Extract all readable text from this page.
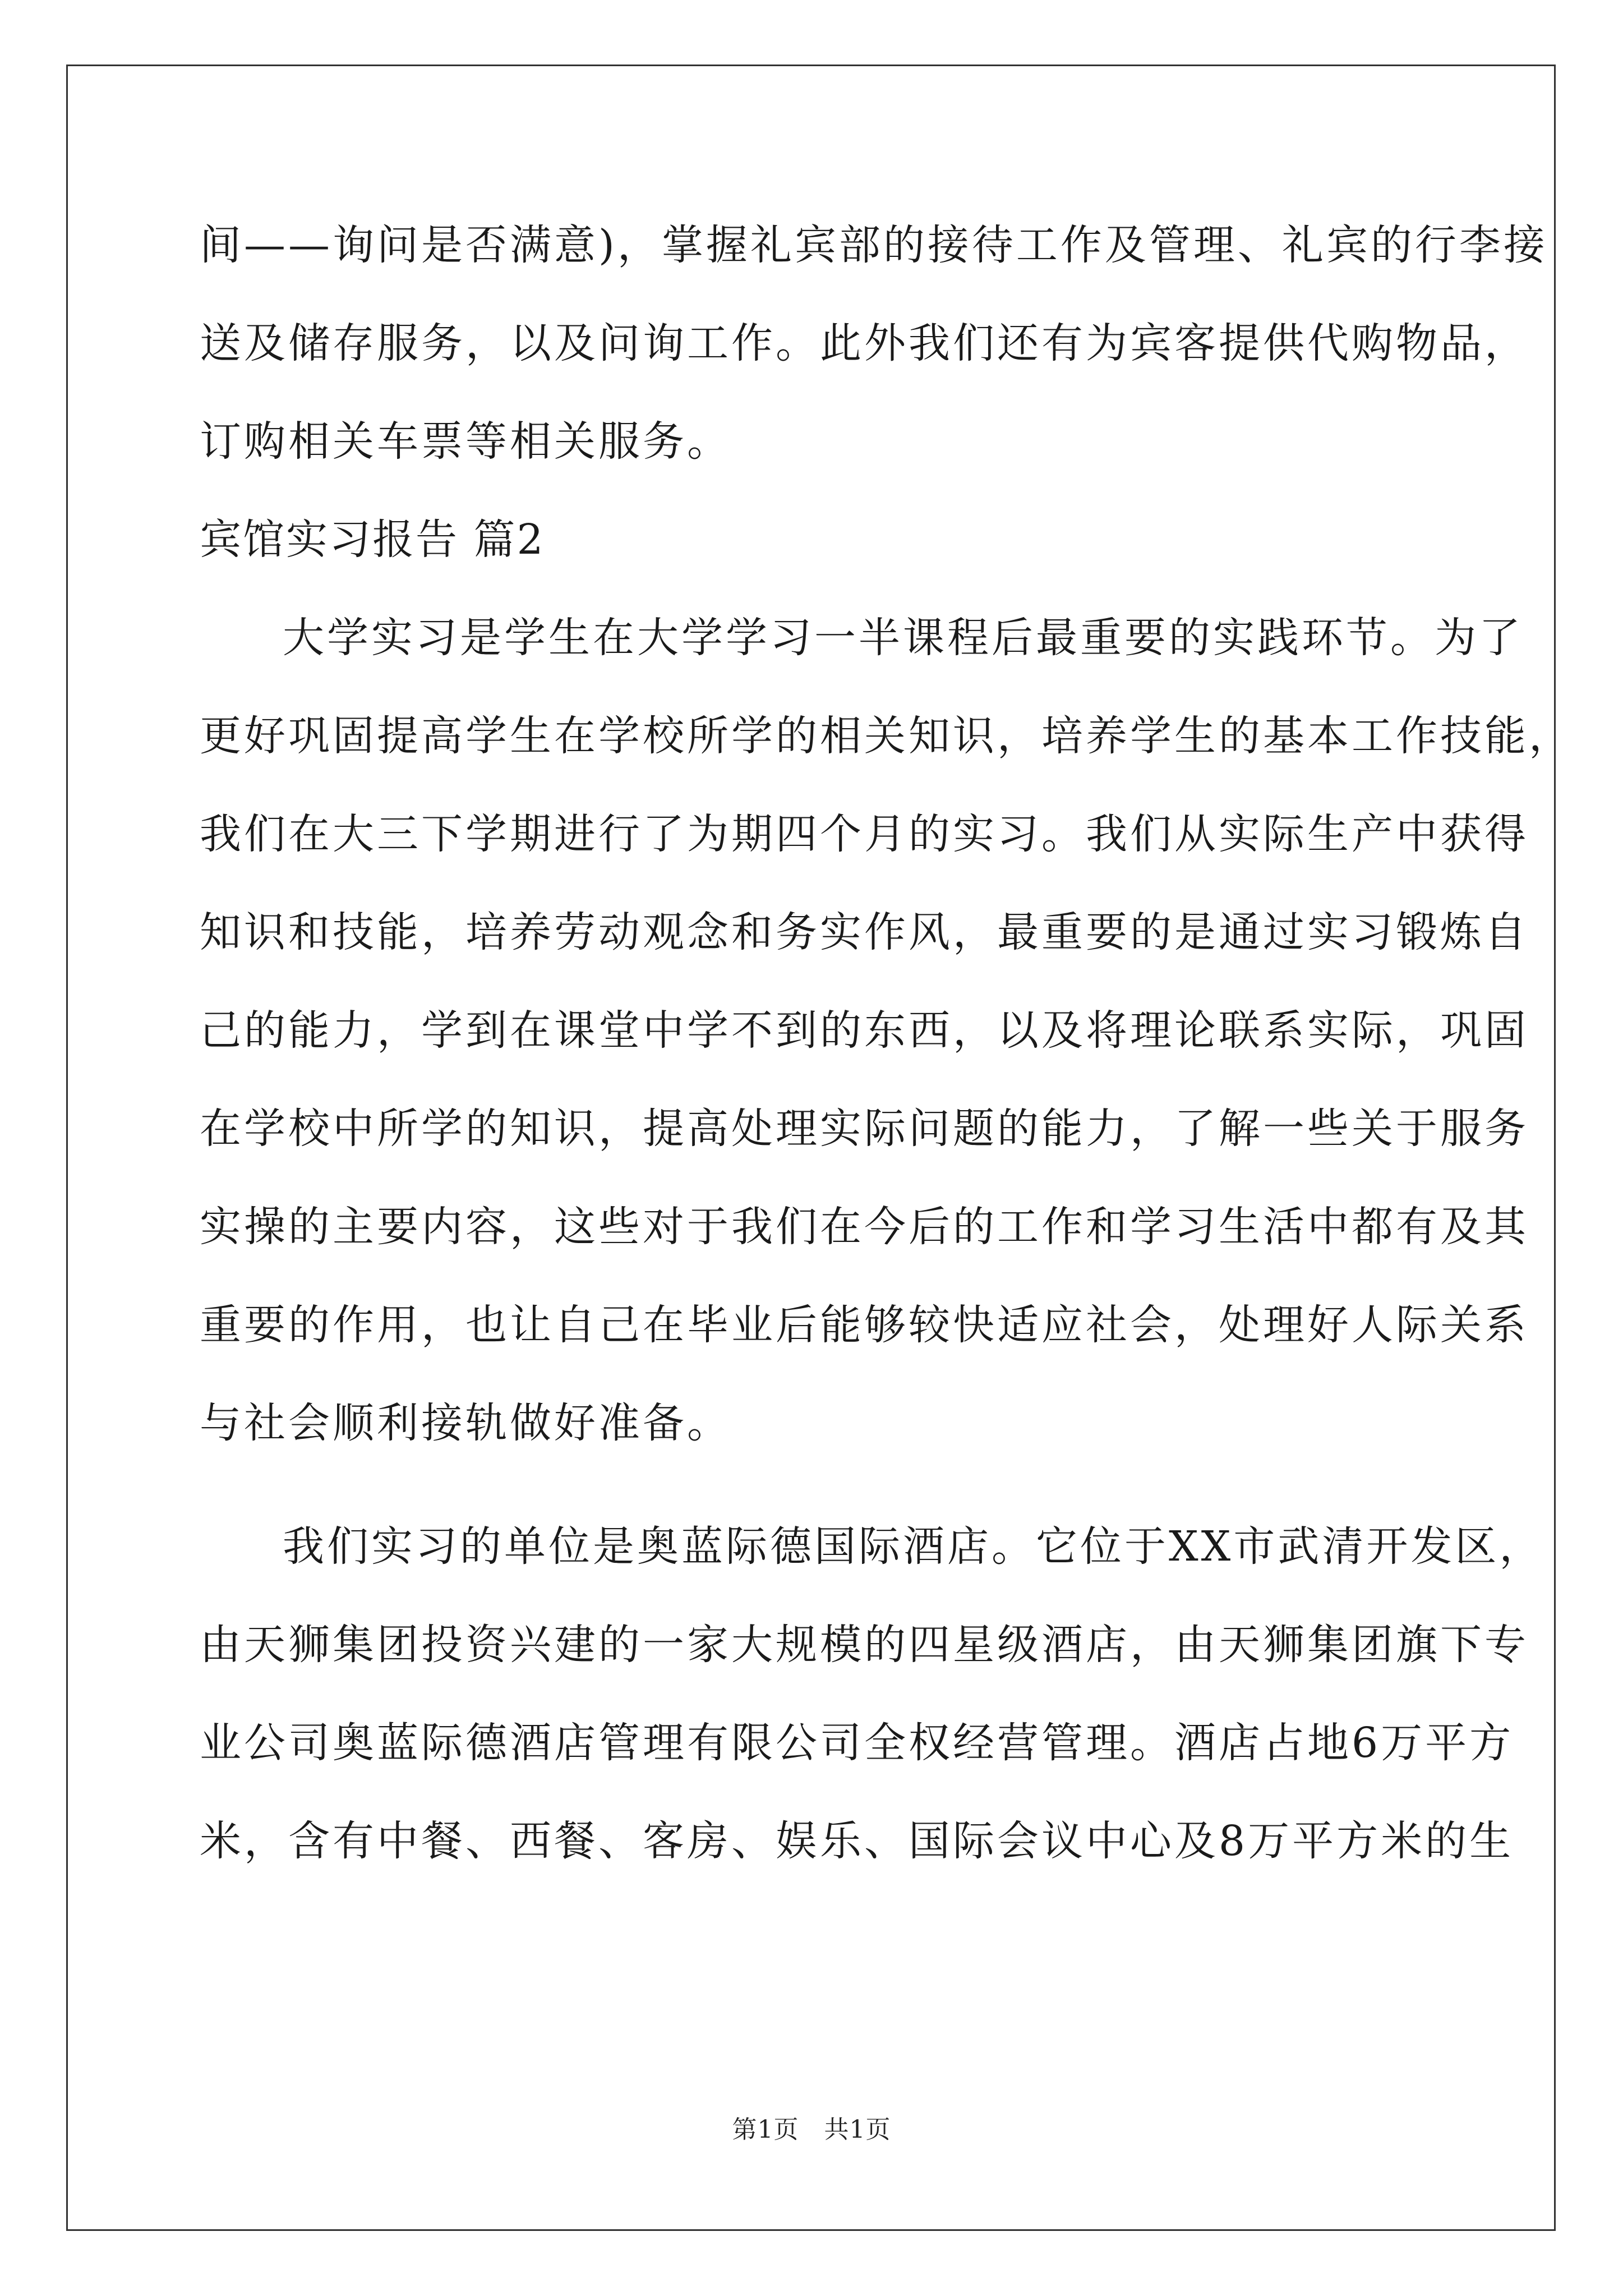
间——询问是否满意)，掌握礼宾部的接待工作及管理、礼宾的行李接
送及储存服务，以及问询工作。此外我们还有为宾客提供代购物品，
订购相关车票等相关服务。
宾馆实习报告 篇2
大学实习是学生在大学学习一半课程后最重要的实践环节。为了
更好巩固提高学生在学校所学的相关知识，培养学生的基本工作技能，
我们在大三下学期进行了为期四个月的实习。我们从实际生产中获得
知识和技能，培养劳动观念和务实作风，最重要的是通过实习锻炼自
己的能力，学到在课堂中学不到的东西，以及将理论联系实际，巩固
在学校中所学的知识，提高处理实际问题的能力，了解一些关于服务
实操的主要内容，这些对于我们在今后的工作和学习生活中都有及其
重要的作用，也让自己在毕业后能够较快适应社会，处理好人际关系
与社会顺利接轨做好准备。
我们实习的单位是奥蓝际德国际酒店。它位于XX市武清开发区，
由天狮集团投资兴建的一家大规模的四星级酒店，由天狮集团旗下专
业公司奥蓝际德酒店管理有限公司全权经营管理。酒店占地6万平方
米，含有中餐、西餐、客房、娱乐、国际会议中心及8万平方米的生
第1页　共1页
